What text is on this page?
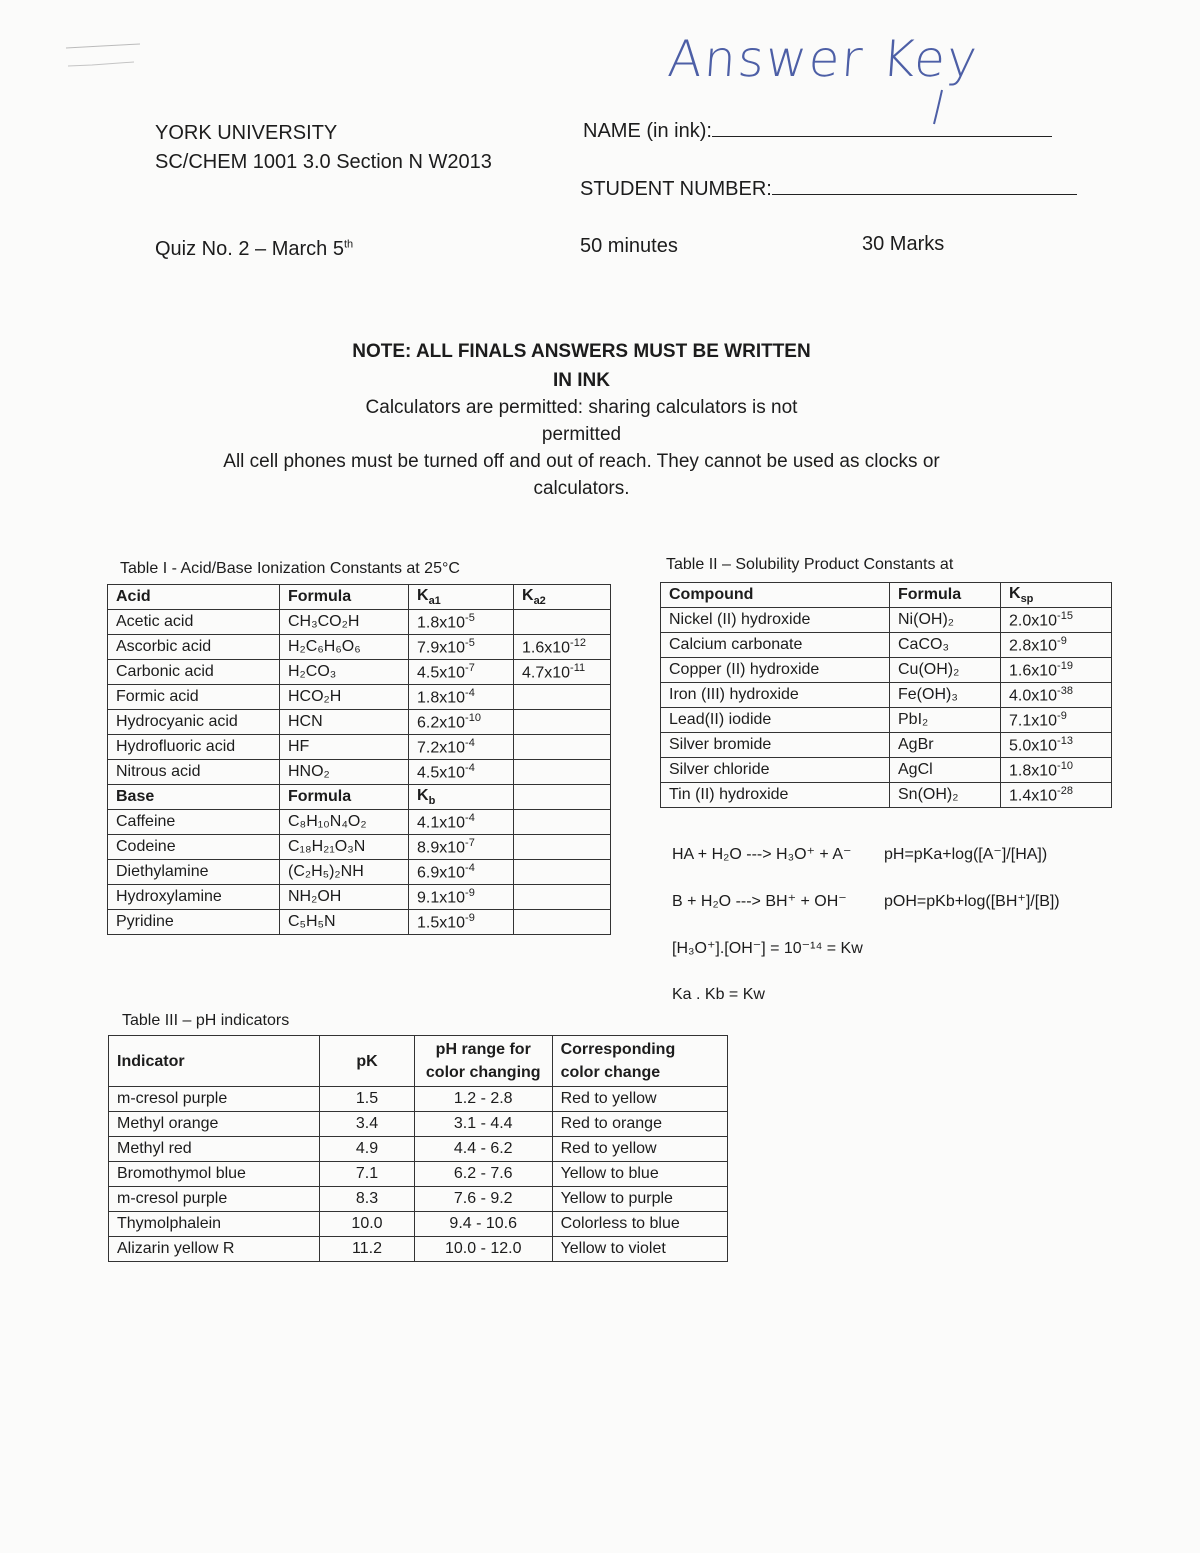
Answer Key
YORK UNIVERSITY
SC/CHEM 1001 3.0 Section N W2013
Quiz No. 2 – March 5th
NAME (in ink):
STUDENT NUMBER:
50 minutes	30 Marks
NOTE: ALL FINALS ANSWERS MUST BE WRITTEN
IN INK
Calculators are permitted: sharing calculators is not
permitted
All cell phones must be turned off and out of reach. They cannot be used as clocks or
calculators.
Table I - Acid/Base Ionization Constants at 25°C
Acid	Formula	$K_{a1}$	$K_{a2}$
Acetic acid	CH₃CO₂H	$1.8x10^{-5}$	
Ascorbic acid	H₂C₆H₆O₆	$7.9x10^{-5}$	$1.6x10^{-12}$
Carbonic acid	H₂CO₃	$4.5x10^{-7}$	$4.7x10^{-11}$
Formic acid	HCO₂H	$1.8x10^{-4}$	
Hydrocyanic acid	HCN	$6.2x10^{-10}$	
Hydrofluoric acid	HF	$7.2x10^{-4}$	
Nitrous acid	HNO₂	$4.5x10^{-4}$	
Base	Formula	$K_b$	
Caffeine	C₈H₁₀N₄O₂	$4.1x10^{-4}$	
Codeine	C₁₈H₂₁O₃N	$8.9x10^{-7}$	
Diethylamine	(C₂H₅)₂NH	$6.9x10^{-4}$	
Hydroxylamine	NH₂OH	$9.1x10^{-9}$	
Pyridine	C₅H₅N	$1.5x10^{-9}$	
Table II – Solubility Product Constants at
Compound	Formula	$K_{sp}$
Nickel (II) hydroxide	Ni(OH)₂	$2.0x10^{-15}$
Calcium carbonate	CaCO₃	$2.8x10^{-9}$
Copper (II) hydroxide	Cu(OH)₂	$1.6x10^{-19}$
Iron (III) hydroxide	Fe(OH)₃	$4.0x10^{-38}$
Lead(II) iodide	PbI₂	$7.1x10^{-9}$
Silver bromide	AgBr	$5.0x10^{-13}$
Silver chloride	AgCl	$1.8x10^{-10}$
Tin (II) hydroxide	Sn(OH)₂	$1.4x10^{-28}$
HA + H₂O ---> H₃O⁺ + A⁻ pH=pKa+log([A⁻]/[HA])
B + H₂O ---> BH⁺ + OH⁻ pOH=pKb+log([BH⁺]/[B])
[H₃O⁺].[OH⁻] = 10⁻¹⁴ = Kw
Ka . Kb = Kw
Table III – pH indicators
Indicator	pK	pH range for
color changing	Corresponding
color change
m-cresol purple	1.5	1.2 - 2.8	Red to yellow
Methyl orange	3.4	3.1 - 4.4	Red to orange
Methyl red	4.9	4.4 - 6.2	Red to yellow
Bromothymol blue	7.1	6.2 - 7.6	Yellow to blue
m-cresol purple	8.3	7.6 - 9.2	Yellow to purple
Thymolphalein	10.0	9.4 - 10.6	Colorless to blue
Alizarin yellow R	11.2	10.0 - 12.0	Yellow to violet
